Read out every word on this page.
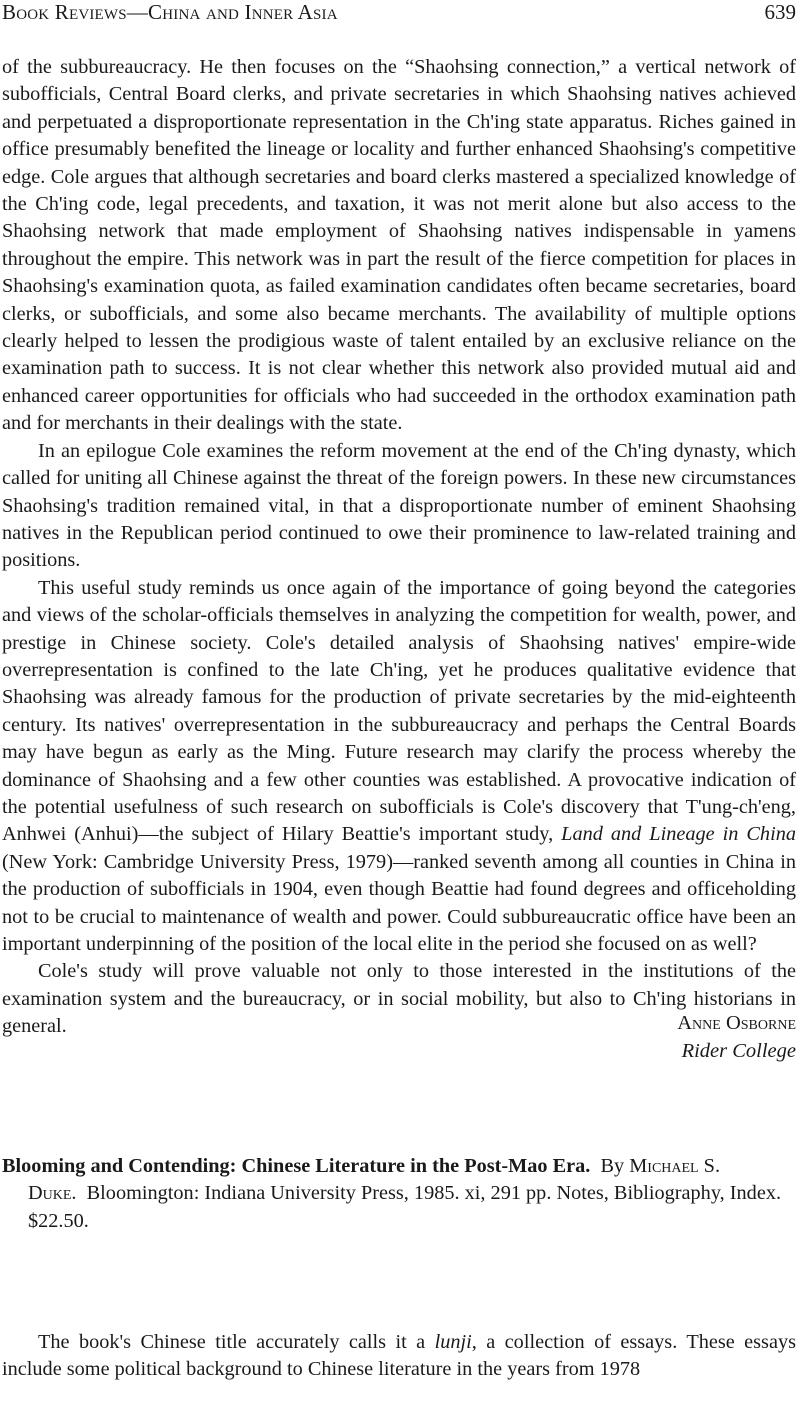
Book Reviews—China and Inner Asia	639

of the subbureaucracy. He then focuses on the “Shaohsing connection,” a vertical network of subofficials, Central Board clerks, and private secretaries in which Shaohsing natives achieved and perpetuated a disproportionate representation in the Ch'ing state apparatus. Riches gained in office presumably benefited the lineage or locality and further enhanced Shaohsing's competitive edge. Cole argues that although secretaries and board clerks mastered a specialized knowledge of the Ch'ing code, legal precedents, and taxation, it was not merit alone but also access to the Shaohsing network that made employment of Shaohsing natives indispensable in yamens throughout the empire. This network was in part the result of the fierce competition for places in Shaohsing's examination quota, as failed examination candidates often became secretaries, board clerks, or subofficials, and some also became merchants. The availability of multiple options clearly helped to lessen the prodigious waste of talent entailed by an exclusive reliance on the examination path to success. It is not clear whether this network also provided mutual aid and enhanced career opportunities for officials who had succeeded in the orthodox examination path and for merchants in their dealings with the state.

In an epilogue Cole examines the reform movement at the end of the Ch'ing dynasty, which called for uniting all Chinese against the threat of the foreign powers. In these new circumstances Shaohsing's tradition remained vital, in that a disproportionate number of eminent Shaohsing natives in the Republican period continued to owe their prominence to law-related training and positions.

This useful study reminds us once again of the importance of going beyond the categories and views of the scholar-officials themselves in analyzing the competition for wealth, power, and prestige in Chinese society. Cole's detailed analysis of Shaohsing natives' empire-wide overrepresentation is confined to the late Ch'ing, yet he produces qualitative evidence that Shaohsing was already famous for the production of private secretaries by the mid-eighteenth century. Its natives' overrepresentation in the subbureaucracy and perhaps the Central Boards may have begun as early as the Ming. Future research may clarify the process whereby the dominance of Shaohsing and a few other counties was established. A provocative indication of the potential usefulness of such research on subofficials is Cole's discovery that T'ung-ch'eng, Anhwei (Anhui)—the subject of Hilary Beattie's important study, Land and Lineage in China (New York: Cambridge University Press, 1979)—ranked seventh among all counties in China in the production of subofficials in 1904, even though Beattie had found degrees and officeholding not to be crucial to maintenance of wealth and power. Could subbureaucratic office have been an important underpinning of the position of the local elite in the period she focused on as well?

Cole's study will prove valuable not only to those interested in the institutions of the examination system and the bureaucracy, or in social mobility, but also to Ch'ing historians in general.	Anne Osborne
Rider College

Blooming and Contending: Chinese Literature in the Post-Mao Era. By Michael S. Duke. Bloomington: Indiana University Press, 1985. xi, 291 pp. Notes, Bibliography, Index. $22.50.

The book's Chinese title accurately calls it a lunji, a collection of essays. These essays include some political background to Chinese literature in the years from 1978
